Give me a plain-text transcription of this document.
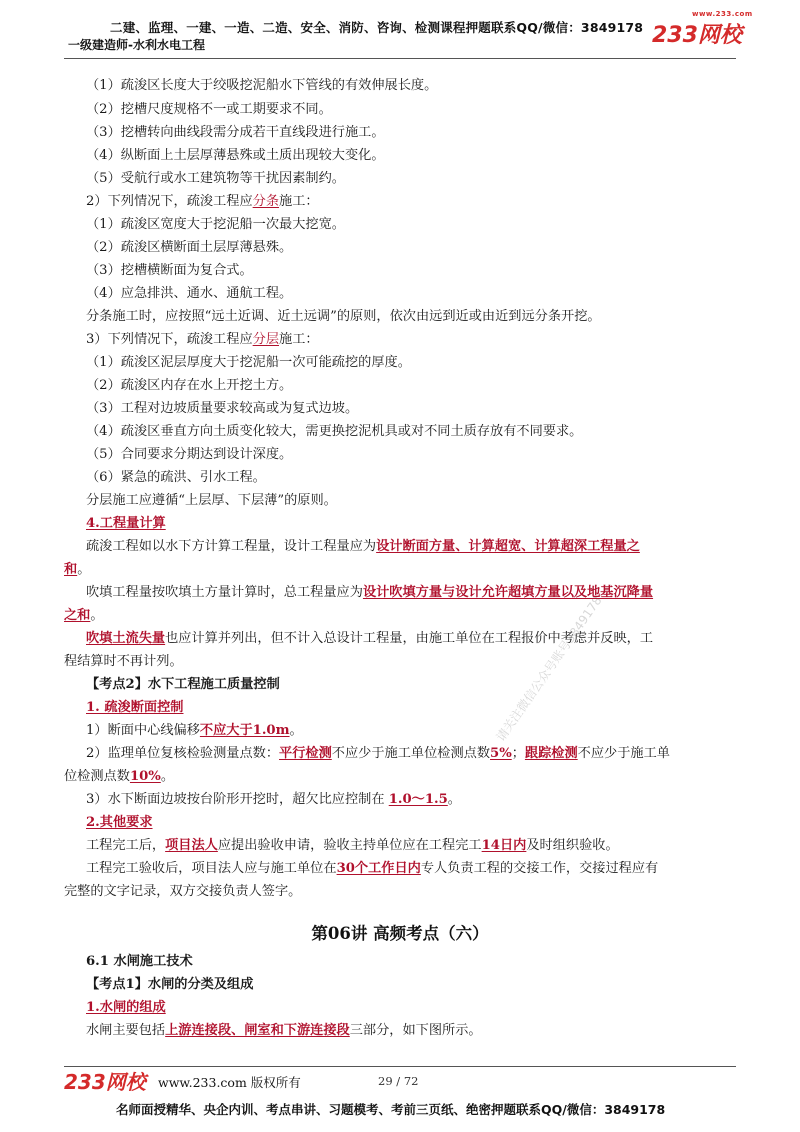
二建、监理、一建、一造、二造、安全、消防、咨询、检测课程押题联系QQ/微信：3849178
一级建造师-水利水电工程
www.233.com
233网校
请关注微信公众号账号3849178
（1）疏浚区长度大于绞吸挖泥船水下管线的有效伸展长度。
（2）挖槽尺度规格不一或工期要求不同。
（3）挖槽转向曲线段需分成若干直线段进行施工。
（4）纵断面上土层厚薄悬殊或土质出现较大变化。
（5）受航行或水工建筑物等干扰因素制约。
2）下列情况下，疏浚工程应分条施工：
（1）疏浚区宽度大于挖泥船一次最大挖宽。
（2）疏浚区横断面土层厚薄悬殊。
（3）挖槽横断面为复合式。
（4）应急排洪、通水、通航工程。
分条施工时，应按照“远土近调、近土远调”的原则，依次由远到近或由近到远分条开挖。
3）下列情况下，疏浚工程应分层施工：
（1）疏浚区泥层厚度大于挖泥船一次可能疏挖的厚度。
（2）疏浚区内存在水上开挖土方。
（3）工程对边坡质量要求较高或为复式边坡。
（4）疏浚区垂直方向土质变化较大，需更换挖泥机具或对不同土质存放有不同要求。
（5）合同要求分期达到设计深度。
（6）紧急的疏洪、引水工程。
分层施工应遵循“上层厚、下层薄”的原则。
4.工程量计算
疏浚工程如以水下方计算工程量，设计工程量应为设计断面方量、计算超宽、计算超深工程量之
和。
吹填工程量按吹填土方量计算时，总工程量应为设计吹填方量与设计允许超填方量以及地基沉降量
之和。
吹填土流失量也应计算并列出，但不计入总设计工程量，由施工单位在工程报价中考虑并反映，工
程结算时不再计列。
【考点2】水下工程施工质量控制
1. 疏浚断面控制
1）断面中心线偏移不应大于1.0m。
2）监理单位复核检验测量点数：平行检测不应少于施工单位检测点数5%；跟踪检测不应少于施工单
位检测点数10%。
3）水下断面边坡按台阶形开挖时，超欠比应控制在 1.0～1.5。
2.其他要求
工程完工后，项目法人应提出验收申请，验收主持单位应在工程完工14日内及时组织验收。
工程完工验收后，项目法人应与施工单位在30个工作日内专人负责工程的交接工作，交接过程应有
完整的文字记录，双方交接负责人签字。
第06讲 高频考点（六）
6.1 水闸施工技术
【考点1】水闸的分类及组成
1.水闸的组成
水闸主要包括上游连接段、闸室和下游连接段三部分，如下图所示。
233网校 www.233.com 版权所有	29 / 72
名师面授精华、央企内训、考点串讲、习题模考、考前三页纸、绝密押题联系QQ/微信：3849178
